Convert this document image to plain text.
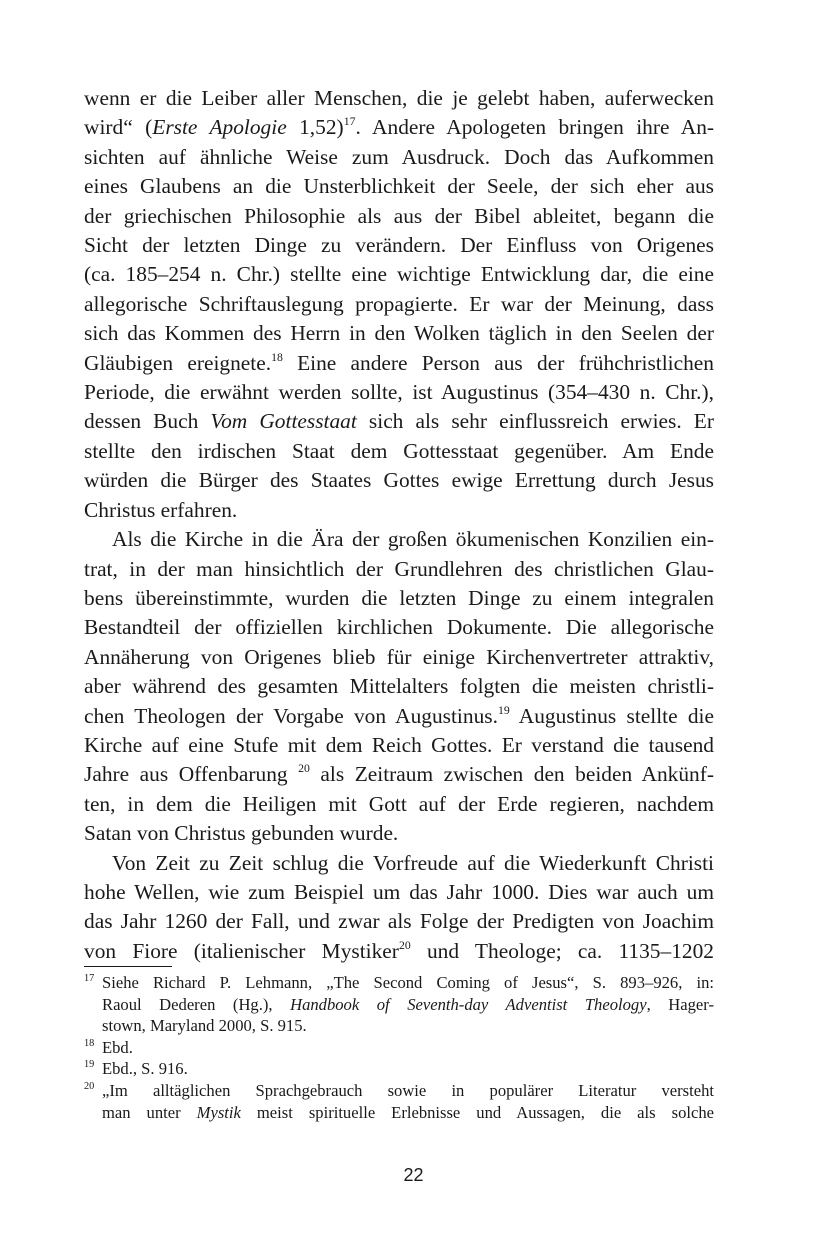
wenn er die Leiber aller Menschen, die je gelebt haben, auferwecken
wird“ (Erste Apologie 1,52)$^{17}$. Andere Apologeten bringen ihre An-
sichten auf ähnliche Weise zum Ausdruck. Doch das Aufkommen
eines Glaubens an die Unsterblichkeit der Seele, der sich eher aus
der griechischen Philosophie als aus der Bibel ableitet, begann die
Sicht der letzten Dinge zu verändern. Der Einfluss von Origenes
(ca. 185–254 n. Chr.) stellte eine wichtige Entwicklung dar, die eine
allegorische Schriftauslegung propagierte. Er war der Meinung, dass
sich das Kommen des Herrn in den Wolken täglich in den Seelen der
Gläubigen ereignete.$^{18}$ Eine andere Person aus der frühchristlichen
Periode, die erwähnt werden sollte, ist Augustinus (354–430 n. Chr.),
dessen Buch Vom Gottesstaat sich als sehr einflussreich erwies. Er
stellte den irdischen Staat dem Gottesstaat gegenüber. Am Ende
würden die Bürger des Staates Gottes ewige Errettung durch Jesus
Christus erfahren.

Als die Kirche in die Ära der großen ökumenischen Konzilien ein-
trat, in der man hinsichtlich der Grundlehren des christlichen Glau-
bens übereinstimmte, wurden die letzten Dinge zu einem integralen
Bestandteil der offiziellen kirchlichen Dokumente. Die allegorische
Annäherung von Origenes blieb für einige Kirchenvertreter attraktiv,
aber während des gesamten Mittelalters folgten die meisten christli-
chen Theologen der Vorgabe von Augustinus.$^{19}$ Augustinus stellte die
Kirche auf eine Stufe mit dem Reich Gottes. Er verstand die tausend
Jahre aus Offenbarung $^{20}$ als Zeitraum zwischen den beiden Ankünf-
ten, in dem die Heiligen mit Gott auf der Erde regieren, nachdem
Satan von Christus gebunden wurde.

Von Zeit zu Zeit schlug die Vorfreude auf die Wiederkunft Christi
hohe Wellen, wie zum Beispiel um das Jahr 1000. Dies war auch um
das Jahr 1260 der Fall, und zwar als Folge der Predigten von Joachim
von Fiore (italienischer Mystiker$^{20}$ und Theologe; ca. 1135–1202

17 Siehe Richard P. Lehmann, „The Second Coming of Jesus“, S. 893–926, in:
Raoul Dederen (Hg.), Handbook of Seventh-day Adventist Theology, Hager-
stown, Maryland 2000, S. 915.
18 Ebd.
19 Ebd., S. 916.
20 „Im alltäglichen Sprachgebrauch sowie in populärer Literatur versteht
man unter Mystik meist spirituelle Erlebnisse und Aussagen, die als solche
22
